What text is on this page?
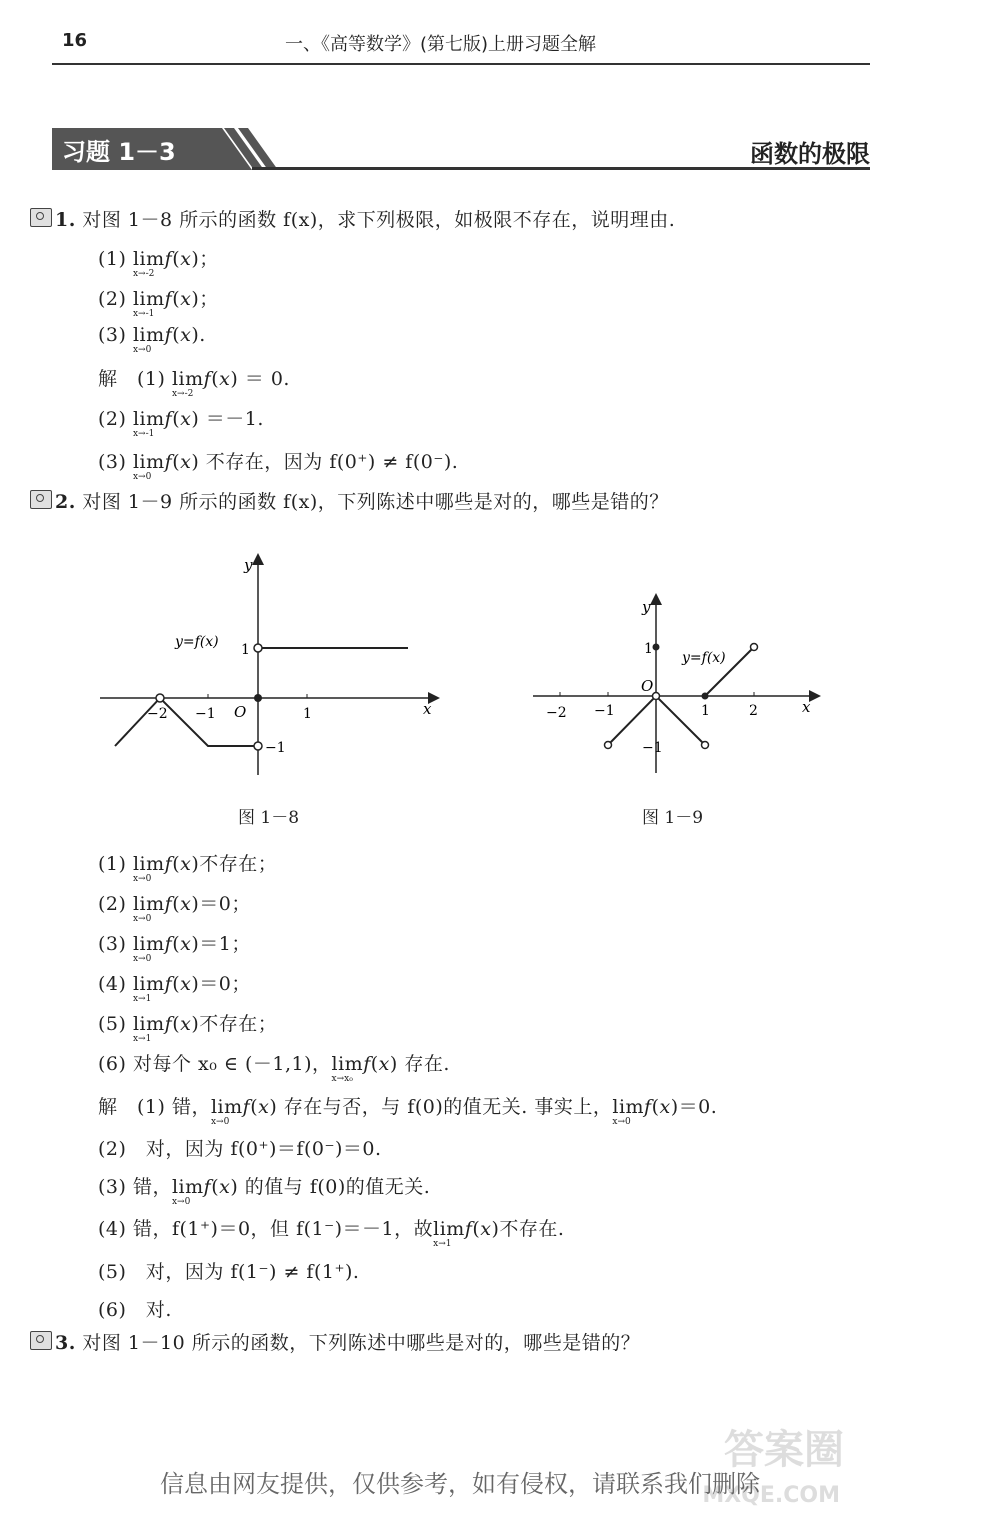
16	一、《高等数学》(第七版)上册习题全解
习题 1－3	函数的极限
1. 对图 1－8 所示的函数 f(x)，求下列极限，如极限不存在，说明理由.
(1) lim
x→-2
f(x)；
(2) lim
x→-1
f(x)；
(3) lim
x→0
f(x).
解　(1) lim
x→-2
f(x) ＝ 0.
(2) lim
x→-1
f(x) ＝－1.
(3) lim
x→0
f(x) 不存在，因为 f(0⁺) ≠ f(0⁻).
2. 对图 1－9 所示的函数 f(x)，下列陈述中哪些是对的，哪些是错的？
y
x
O
y=f(x)
−2 −1	1
1
−1
图 1－8
y
x
O
y=f(x)
−2 −1	1	2
1
−1
图 1－9
(1) lim
x→0
f(x)不存在；
(2) lim
x→0
f(x)＝0；
(3) lim
x→0
f(x)＝1；
(4) lim
x→1
f(x)＝0；
(5) lim
x→1
f(x)不存在；
(6) 对每个 x₀ ∈ (－1,1)，lim
x→x₀
f(x) 存在.
解　(1) 错，lim
x→0
f(x) 存在与否，与 f(0)的值无关. 事实上，lim
x→0
f(x)＝0.
(2)　对，因为 f(0⁺)＝f(0⁻)＝0.
(3) 错，lim
x→0
f(x) 的值与 f(0)的值无关.
(4) 错，f(1⁺)＝0，但 f(1⁻)＝－1，故lim
x→1
f(x)不存在.
(5)　对，因为 f(1⁻) ≠ f(1⁺).
(6)　对.
3. 对图 1－10 所示的函数，下列陈述中哪些是对的，哪些是错的？
答案圈
MXQE.COM
信息由网友提供，仅供参考，如有侵权，请联系我们删除
